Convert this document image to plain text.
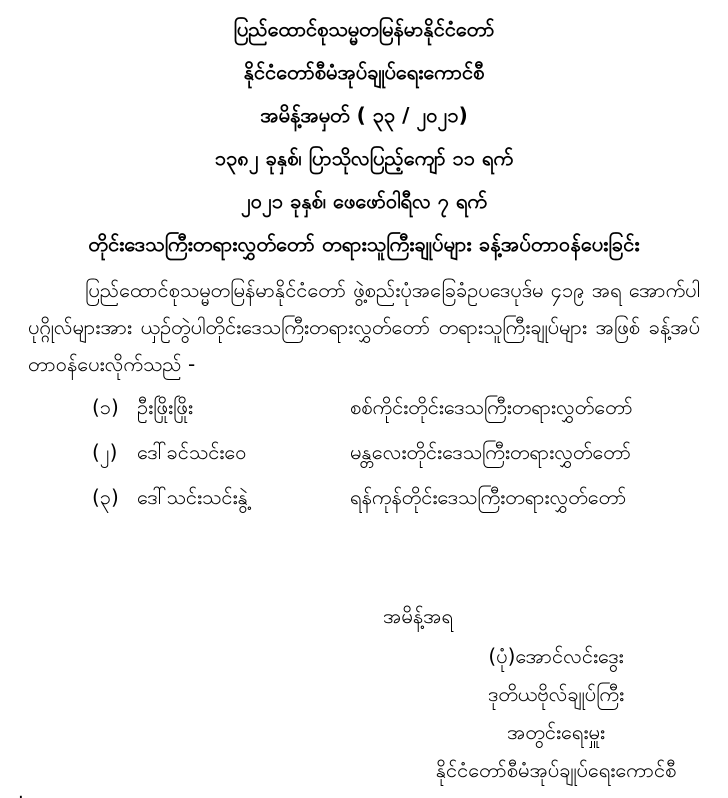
ပြည်ထောင်စုသမ္မတမြန်မာနိုင်ငံတော်
နိုင်ငံတော်စီမံအုပ်ချုပ်ရေးကောင်စီ
အမိန့်အမှတ် ( ၃၃ / ၂၀၂၁)
၁၃၈၂ ခုနှစ်၊ ပြာသိုလပြည့်ကျော် ၁၁ ရက်
၂၀၂၁ ခုနှစ်၊ ဖေဖော်ဝါရီလ ၇ ရက်
တိုင်းဒေသကြီးတရားလွှတ်တော် တရားသူကြီးချုပ်များ ခန့်အပ်တာဝန်ပေးခြင်း
ပြည်ထောင်စုသမ္မတမြန်မာနိုင်ငံတော် ဖွဲ့စည်းပုံအခြေခံဥပဒေပုဒ်မ ၄၁၉ အရ အောက်ပါပုဂ္ဂိုလ်များအား ယှဉ်တွဲပါတိုင်းဒေသကြီးတရားလွှတ်တော် တရားသူကြီးချုပ်များ အဖြစ် ခန့်အပ်တာဝန်ပေးလိုက်သည် -
(၁) ဦးဖြိုးဖြိုး	စစ်ကိုင်းတိုင်းဒေသကြီးတရားလွှတ်တော်
(၂) ဒေါ်ခင်သင်းဝေ	မန္တလေးတိုင်းဒေသကြီးတရားလွှတ်တော်
(၃) ဒေါ်သင်းသင်းနွဲ့	ရန်ကုန်တိုင်းဒေသကြီးတရားလွှတ်တော်
အမိန့်အရ
(ပုံ)အောင်လင်းဒွေး
ဒုတိယဗိုလ်ချုပ်ကြီး
အတွင်းရေးမှူး
နိုင်ငံတော်စီမံအုပ်ချုပ်ရေးကောင်စီ
.
